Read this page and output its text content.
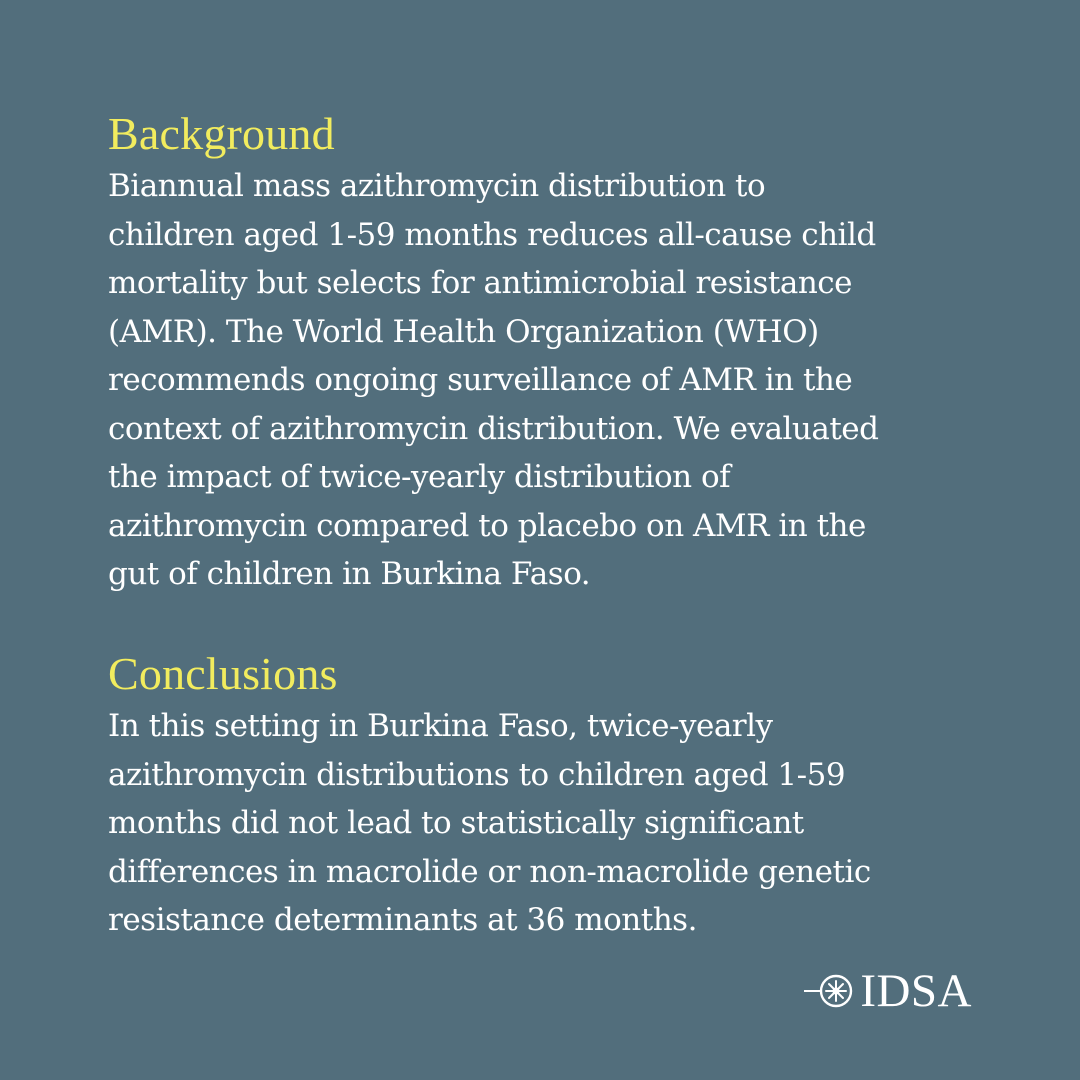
Background

Biannual mass azithromycin distribution to
children aged 1-59 months reduces all-cause child
mortality but selects for antimicrobial resistance
(AMR). The World Health Organization (WHO)
recommends ongoing surveillance of AMR in the
context of azithromycin distribution. We evaluated
the impact of twice-yearly distribution of
azithromycin compared to placebo on AMR in the
gut of children in Burkina Faso.

Conclusions

In this setting in Burkina Faso, twice-yearly
azithromycin distributions to children aged 1-59
months did not lead to statistically significant
differences in macrolide or non-macrolide genetic
resistance determinants at 36 months.

IDSA
